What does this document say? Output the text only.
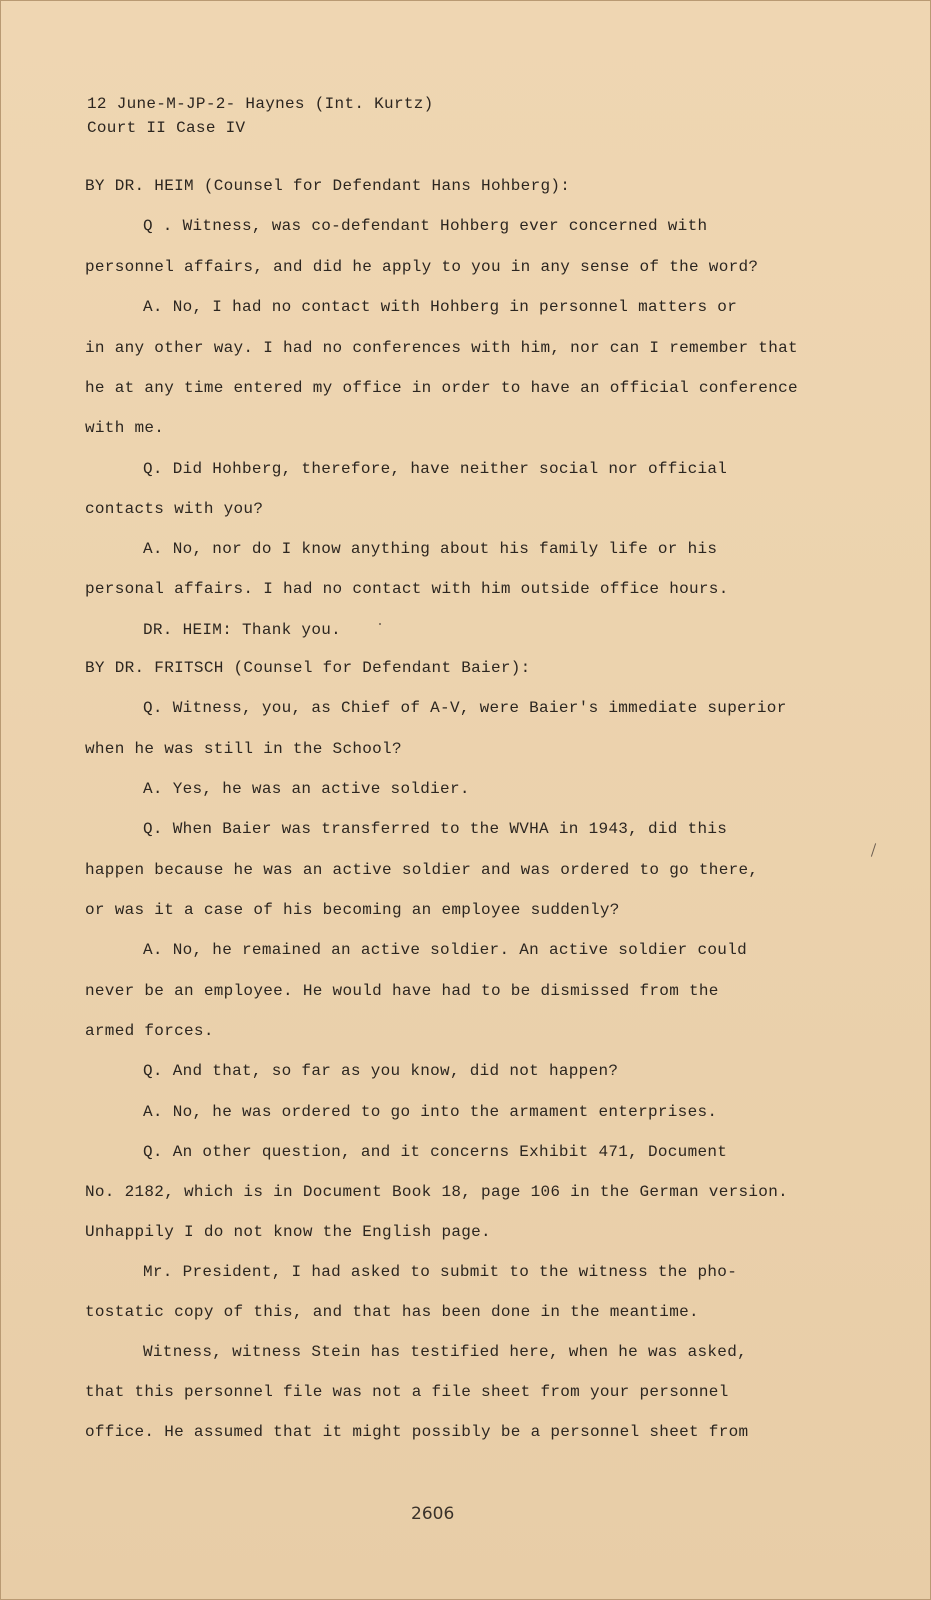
12 June-M-JP-2- Haynes (Int. Kurtz)
Court II Case IV
BY DR. HEIM (Counsel for Defendant Hans Hohberg):
Q . Witness, was co-defendant Hohberg ever concerned with
personnel affairs, and did he apply to you in any sense of the word?
A. No, I had no contact with Hohberg in personnel matters or
in any other way. I had no conferences with him, nor can I remember that
he at any time entered my office in order to have an official conference
with me.
Q. Did Hohberg, therefore, have neither social nor official
contacts with you?
A. No, nor do I know anything about his family life or his
personal affairs. I had no contact with him outside office hours.
DR. HEIM: Thank you.
BY DR. FRITSCH (Counsel for Defendant Baier):
Q. Witness, you, as Chief of A-V, were Baier's immediate superior
when he was still in the School?
A. Yes, he was an active soldier.
Q. When Baier was transferred to the WVHA in 1943, did this
happen because he was an active soldier and was ordered to go there,
or was it a case of his becoming an employee suddenly?
A. No, he remained an active soldier. An active soldier could
never be an employee. He would have had to be dismissed from the
armed forces.
Q. And that, so far as you know, did not happen?
A. No, he was ordered to go into the armament enterprises.
Q. An other question, and it concerns Exhibit 471, Document
No. 2182, which is in Document Book 18, page 106 in the German version.
Unhappily I do not know the English page.
Mr. President, I had asked to submit to the witness the pho-
tostatic copy of this, and that has been done in the meantime.
Witness, witness Stein has testified here, when he was asked,
that this personnel file was not a file sheet from your personnel
office. He assumed that it might possibly be a personnel sheet from
2606
